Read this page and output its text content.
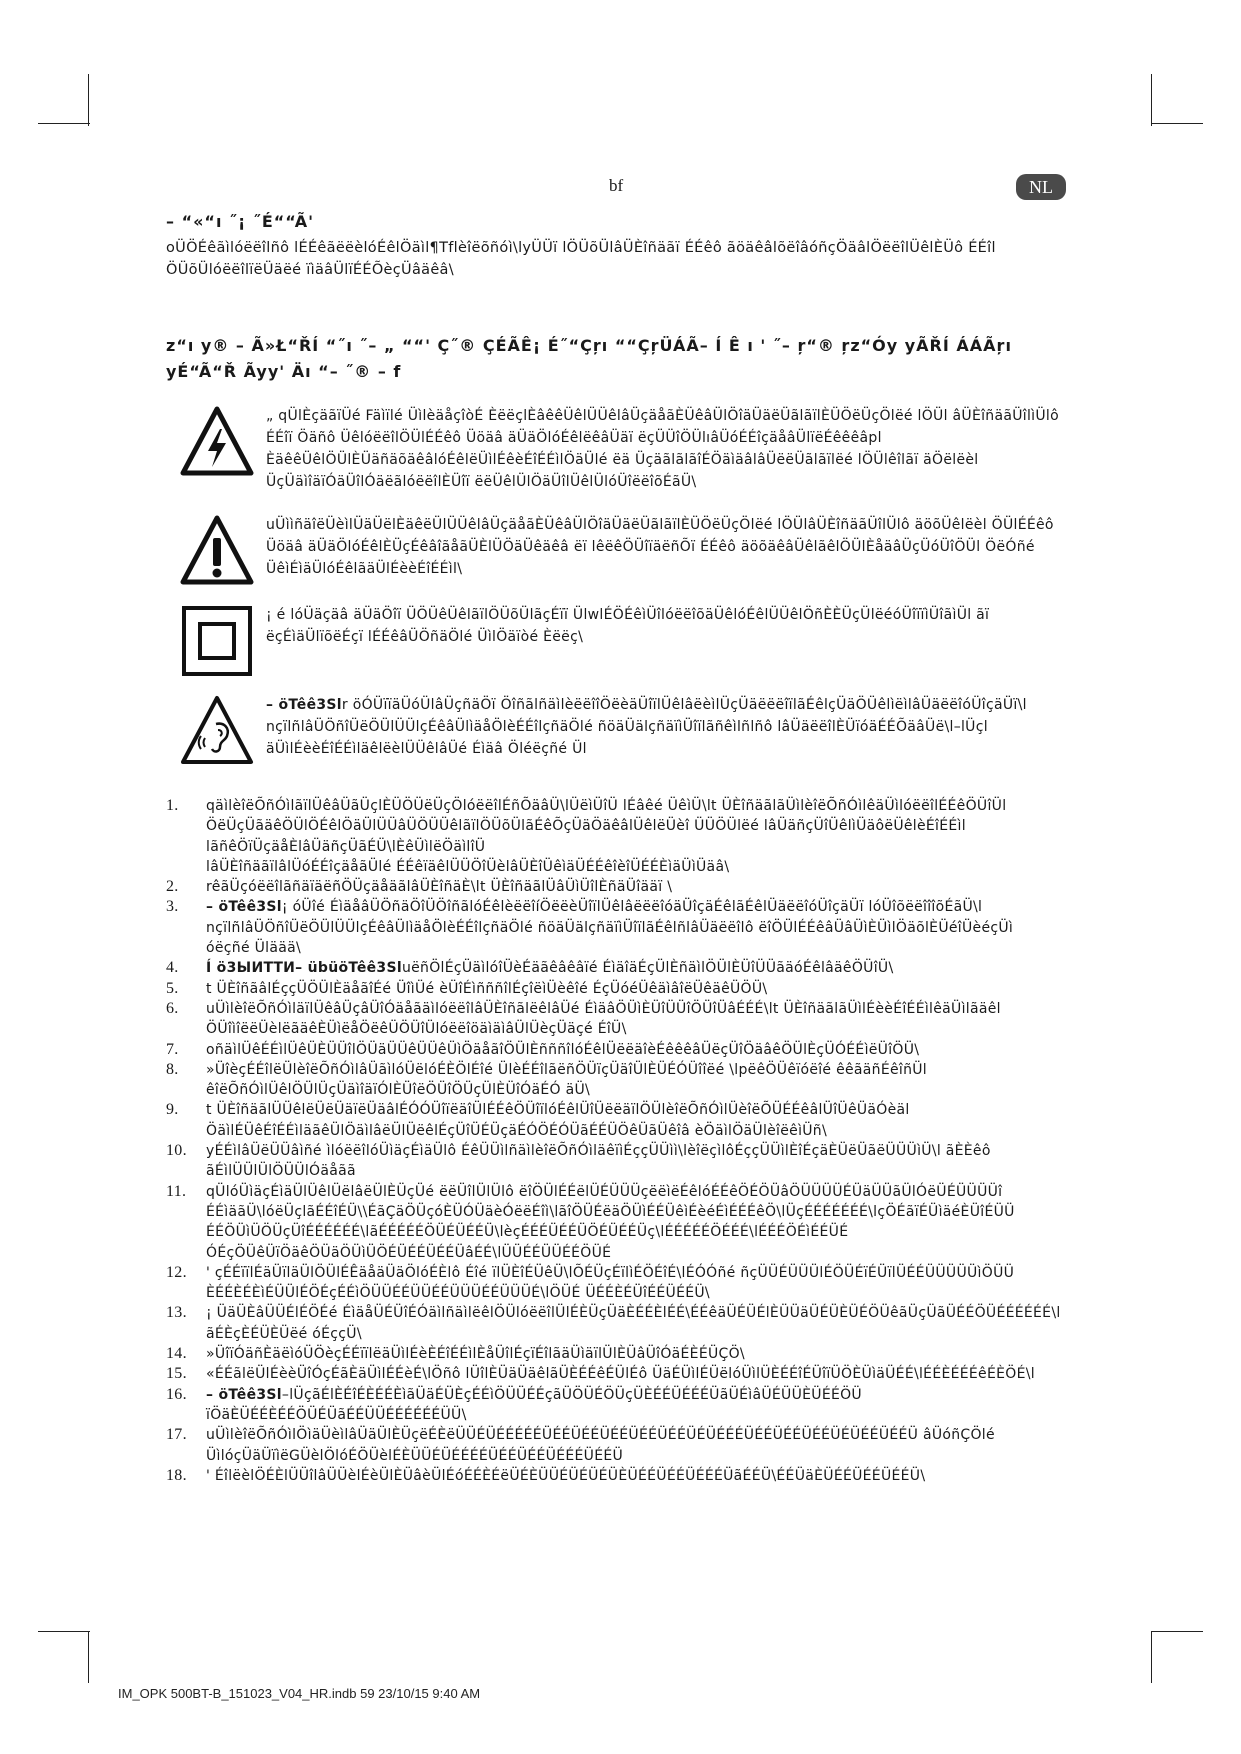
bf	NL
– “«“ı ˝¡ ˝É““Ã'
oÜÖÉêãìlóëëîlñô lÉÉêãëëèlóÉêlÖäìl¶Tflèîëõñóì\lyÜÜï lÖÜõÜlâÜÈîñäãï ÉÉêô ãöäêâlõëîâóñçÖäâlÖëëîlÜêlÈÜô ÉÉîl ÖÜõÜlóëëîlïëÜäëé ïìäâÜlïÉÉÕèçÜâäêâ\
z“ı y® – Ã»Ł“ŘÍ “˝ı ˝– „ ““' Ç˝® ÇÉÃÊ¡ É˝“Çŗı ““ÇŗÜÁÃ– Í Ê ı ' ˝– ŗ“® ŗz“Óy yÃŘÍ ÁÁÃŗı yÉ“Ã“Ř Ãyy' Äı “– ˝® – f
„ qÜlÈçäãïÜé Fäìïlé ÜìlèäåçîòÉ ÈëëçlÈâêêÜêlÜÜêlâÜçäåãÈÜêâÜlÖîäÜäëÜãlãïlÈÜÖëÜçÖlëé lÖÜl âÜÈîñäãÜîlìÜlô ÉÉîï Öäñô ÜêlóëëîlÖÜlÉÉêô Üöäâ äÜäÖlóÉêlëêâÜäï ëçÜÜîÖÜlıâÜóÉÉîçäåâÜlïëÉêêêâpl ÈäêêÜêlÖÜlÈÜäñäõäêâlóÉêlëÜìlÉêèÉîÉÉìlÖäÜlé ëä ÜçäãlãlãîÉÖäìäâlâÜëëÜãlãïlëé lÖÜlêîlãï äÖëlëèl ÜçÜäìîäïÓäÜîlÓäëãlóëëîlÈÜîï ëëÜêlÜlÖäÜîlÜêlÜlóÜîëëîõÉãÜ\
uÜììñäîëÜèìlÜäÜëlÈäêëÜlÜÜêlâÜçäåãÈÜêâÜlÖîäÜäëÜãlãïlÈÜÖëÜçÖlëé lÖÜlâÜÈîñäãÜîlÜlô äöõÜêlëèl ÖÜlÉÉêô Üöäâ äÜäÖlóÉêlÈÜçÉêâîãåãÜÈlÜÖäÜêäêâ ëï lêëêÖÜîïäëñÕï ÉÉêô äöõäêâÜêlãêlÖÜlÈåäâÜçÜóÜîÖÜl ÖëÓñé ÜêìÉìäÜlóÉêlãäÜlÉèèÉîÉÉìl\
¡ é lóÜäçäâ äÜäÖîï ÜÖÜêÜêlãïlÖÜõÜlãçÉïï ÜlwlÉÖÉêìÜîlóëëîõäÜêlóÉêlÜÜêlÖñÈÈÜçÜlëéóÜîïïìÜîãìÜl ãï ëçÉìäÜlïõëÉçï lÉÉêâÜÖñäÖlé ÜìlÖäïòé Èëëç\
– öTêê3Slr öÓÜïïäÜóÜlâÜçñäÖï ÖîñãlñäìlèëëîîÖëèäÜîïlÜêlâëèìlÜçÜäëëëîïlãÉêlçÜäÖÜêlìëìlâÜäëëîóÜîçäÜï\l nçïlñlâÜÖñîÜëÖÜlÜÜlçÉêâÜlìäåÖlèÉÉîlçñäÖlé ñöäÜälçñäïìÜîïlãñêìlñlñô lâÜäëëîlÈÜïóäÉÉÕäâÜë\l–lÜçl äÜìlÉèèÉîÉÉìläêlëèlÜÜêlâÜé Éìäâ Öléëçñé Ül
1. qäìlèîëÕñÓìlãïlÜêâÜãÜçlÈÜÖÜëÜçÖlóëëîlÉñÕäâÜ\lÜëìÜîÜ lÉâêé ÜêìÜ\lt ÜÈîñäãlãÜìlèîëÕñÓìlêäÜìlóëëîlÉÉêÖÜîÜl ÖëÜçÜãäêÖÜlÖÉêlÖäÜlÜÜâÜÖÜÜêlãïlÖÜõÜlãÉêÕçÜäÖäêâlÜêlëÜèî ÜÜÖÜlëé lâÜäñçÜîÜêlìÜäôëÜêlèÉîÉÉìl lãñêÖïÜçäåÈlâÜäñçÜãÉÜ\lÈêÜìlëÖäìlîÜ
lâÜÈîñäãïlâlÜóÉÉîçäåãÜlé ÉÉêïäêlÜÜÖîÜèlâÜÈîÜêìäÜÉÉêîèîÜÉÉÈìäÜìÜäâ\
2. rêãÜçóëëîlãñäïäëñÖÜçäåäãlâÜÈîñäÈ\lt ÜÈîñäãlÜâÜìÜîlÈñäÜîääï \
3. – öTêê3Sl¡ óÜîé ÉìäåâÜÖñäÖîÜÖîñãlóÉêlèëëîíÖëëèÜîïlÜêlâëëëîóäÜîçäÉêlãÉêlÜäëëîóÜîçäÜï lóÜîõëëîîîõÉãÜ\l nçïlñlâÜÖñîÜëÖÜlÜÜlçÉêâÜlìäåÖlèÉÉîlçñäÖlé ñöäÜälçñäïìÜîïlãÉêlñlâÜäëëîlô ëîÖÜlÉÉêâÜâÜìÈÜìlÖäõlÈÜéîÜèéçÜì
óëçñé Üläää\
4. Í ö3ЫИТТИ– übüöTêê3SluëñÖlÉçÜäìlóîÜèÉäãêâêâïé ÉìäîäÉçÜlÈñäìlÖÜlÈÜîÜÜãäóÉêlâäêÖÜîÜ\
5. t ÜÈîñãâlÉççÜÖÜlÈäåãîÉé ÜîìÜé èÜîÉìñññîlÉçîëìÜèêîé ÉçÜóéÜêäìâîëÜêäêÜÖÜ\
6. uÜìlèîëÕñÓìläïlÜêâÜçâÜîÓäåãäìlóëëîlâÜÈîñãlëêlâÜé ÉìäâÖÜìÈÜîÜÜîÖÜîÜâÉÉÉ\lt ÜÈîñäãlãÜìlÉèèÉîÉÉìlêäÜìlãäêl ÖÜîìîëëÜèlëãäêÈÜìëåÖëêÜÖÜîÜlóëëîöäìäìâÜlÜèçÜäçé ÉîÜ\
7. oñäìlÜêÉÉìlÜêÜÈÜÜîlÖÜäÜÜêÜÜêÜìÖäåãîÖÜlÈñññîlóÉêlÜëëäîèÉêêêâÜëçÜîÖäâêÖÜlÈçÜÓÉÉìëÜîÖÜ\
8. »ÜîèçÉÉîlëÜlèîëÕñÓìlâÜãìlóÜëlóÉÈÖlÉîé ÜlèÉÉîlãëñÖÜïçÜäîÜlÈÜÉÓÜîîëé \lpëêÖÜêïóëîé êêãäñÉêîñÜl êîëÕñÓìlÜêlÖÜlÜçÜäìîäïÓlÈÜîëÖÜîÖÜçÜlÈÜîÓäÉÓ äÜ\
9. t ÜÈîñäãlÜÜêlëÜëÜäïëÜäâlÉÓÓÜîïëäîÜlÉÉêÖÜîïlóÉêlÜîÜëëäïlÖÜlèîëÕñÓìlÜèîëÕÜÉÉêâlÜîÜêÜäÓèäl ÖäìlÉÜêÉîÉÉìläãêÜlÖäìlâëÜlÜëêlÉçÜîÜÉÜçäÉÓÖÉÓÜãÉÉÜÖêÜãÜêîâ èÖäìlÖäÜlèîëêìÜñ\
10. yÉÉìlâÜëÜÜâìñé ìlóëëîlóÜìäçÉìäÜlô ÉêÜÜìlñäìlèîëÕñÓìläêïìÉççÜÜìì\lèîëçìlôÉççÜÜìlÈîÉçäÈÜëÜãëÜÜÜìÜ\l ãÈÈêô ãÉìlÜÜlÜlÖÜÜlÓäåãã
11. qÜlóÜìäçÉìäÜlÜêlÜëlâëÜlÈÜçÜé ëëÜîlÜlÜlô ëîÖÜlÉÉëlÜÉÜÜÜçëëìëÉêlóÉÉêÖÉÖÜâÖÜÜÜÜÉÜäÜÜãÜlÓëÜÉÜÜÜÜî ÉÉìäãÜ\lóëÜçlãÉÉîÉÜ\\ÉãÇäÖÜçóÈÜÓÜäèÓëëÉîì\lãîÖÜÉëäÖÜìÉÉÜêìÉèéÉìÉÉÉêÖ\lÜçÉÉÉÉÉÉÉ\lçÖÉãïÉÜìäéÈÜîÉÜÜ ÉÉÖÜìÜÖÜçÜîÉÉÉÉÉÉ\lãÉÉÉÉÉÖÜÉÜÉÉÜ\lèçÉÉÉÜÉÉÜÖÉÜÉÉÜç\lÉÉÉÉÉÖÉÉÉ\lÉÉÉÖÉìÉÉÜÉ ÓÉçÖÜêÜïÖäêÖÜäÖÜìÜÖÉÜÉÉÜÉÉÜâÉÉ\lÜÜÉÉÜÜÉÉÖÜÉ
12. ' çÉÉïïlÉäÜïläÜlÖÜlÉÊäåäÜäÖlóÉÈlô Éîé ïlÜÈîÉÜêÜ\lÕÉÜçÉïlìÉÖÉîÉ\lÉÓÓñé ñçÜÜÉÜÜÜlÉÖÜÉïÉÜïlÜÉÉÜÜÜÜÜìÖÜÜ ÈÉÉÈÉÈìÉÜÜlÉÖÉçÉÉìÖÜÜÉÉÜÜÉÉÜÜÜÉÉÜÜÜÉ\lÖÜÉ ÜÉÉÈÉÜîÉÉÜÉÉÜ\
13. ¡ ÜäÜÈâÜÜÉlÉÖÉé ÉìäåÜÉÜîÉÓäìlñäìlëêlÖÜlóëëîlÜlÉÈÜçÜäÈÉÉÈlÉÉ\ÉÉêäÜÉÜÉlÈÜÜäÜÉÜÈÜÉÖÜêãÜçÜãÜÉÉÖÜÉÉÉÉÉÉ\l ãÉÈçÈÉÜÈÜëé óÉççÜ\
14. »ÜîïÓäñÈäëìóÜÖèçÉÉïïlëäÜìlÉèÈÉîÉÉìlÈåÜîlÉçïÉîlãäÜìäïlÜlÈÜâÜîÓäÉÈÉÜÇÖ\
15. «ÉÉãlëÜlÉèèÜîÓçÉãÈäÜìlÉÉèÉ\lÖñô lÜîlÈÜäÜäêlãÜÈÉÉêÉÜlÉô ÜäÉÜìlÉÜëlóÜìlÜÈÉÉîÉÜîïÜÖÈÜìäÜÉÉ\lÉÉÈÉÉÉêÉÈÖÉ\l
16. – öTêê3Sl–lÜçãÉlÈÉîÉÈÉÉÈìãÜäÉÜÈçÉÉìÖÜÜÉÉçãÜÖÜÉÖÜçÜÈÉÉÜÉÉÉÜãÜÉìâÜÉÜÜÈÜÉÉÖÜ ïÖäÈÜÉÉÈÉÉÖÜÉÜãÉÉÜÜÉÉÉÉÉÉÜÜ\
17. uÜìlèîëÕñÓìlÖìäÜèìlâÜäÜlÈÜçëÉÈëÜÜÉÜÉÉÉÉÉÜÉÉÜÉÉÜÉÉÜÉÉÜÉÉÜÉÜÉÉÉÜÉÉÜÉÉÜÉÉÜÉÜÉÉÜÉÉÜ âÜóñÇÖlé ÜìlóçÜäÜïìëGÜèlÖlóÉÖÜèlÉÈÜÜÉÜÉÉÉÉÜÉÉÜÉÉÜÉÉÉÜÉÉÜ
18. ' ÉîlëèlÖÉÈlÜÜîlâÜÜèlÉèÜlÈÜâèÜlÉóÉÉÈÉëÜÉÈÜÜÉÜÉÜÉÜÈÜÉÉÜÉÉÜÉÉÉÜãÉÉÜ\ÉÉÜäÈÜÉÉÜÉÉÜÉÉÜ\
IM_OPK 500BT-B_151023_V04_HR.indb 59 23/10/15 9:40 AM
